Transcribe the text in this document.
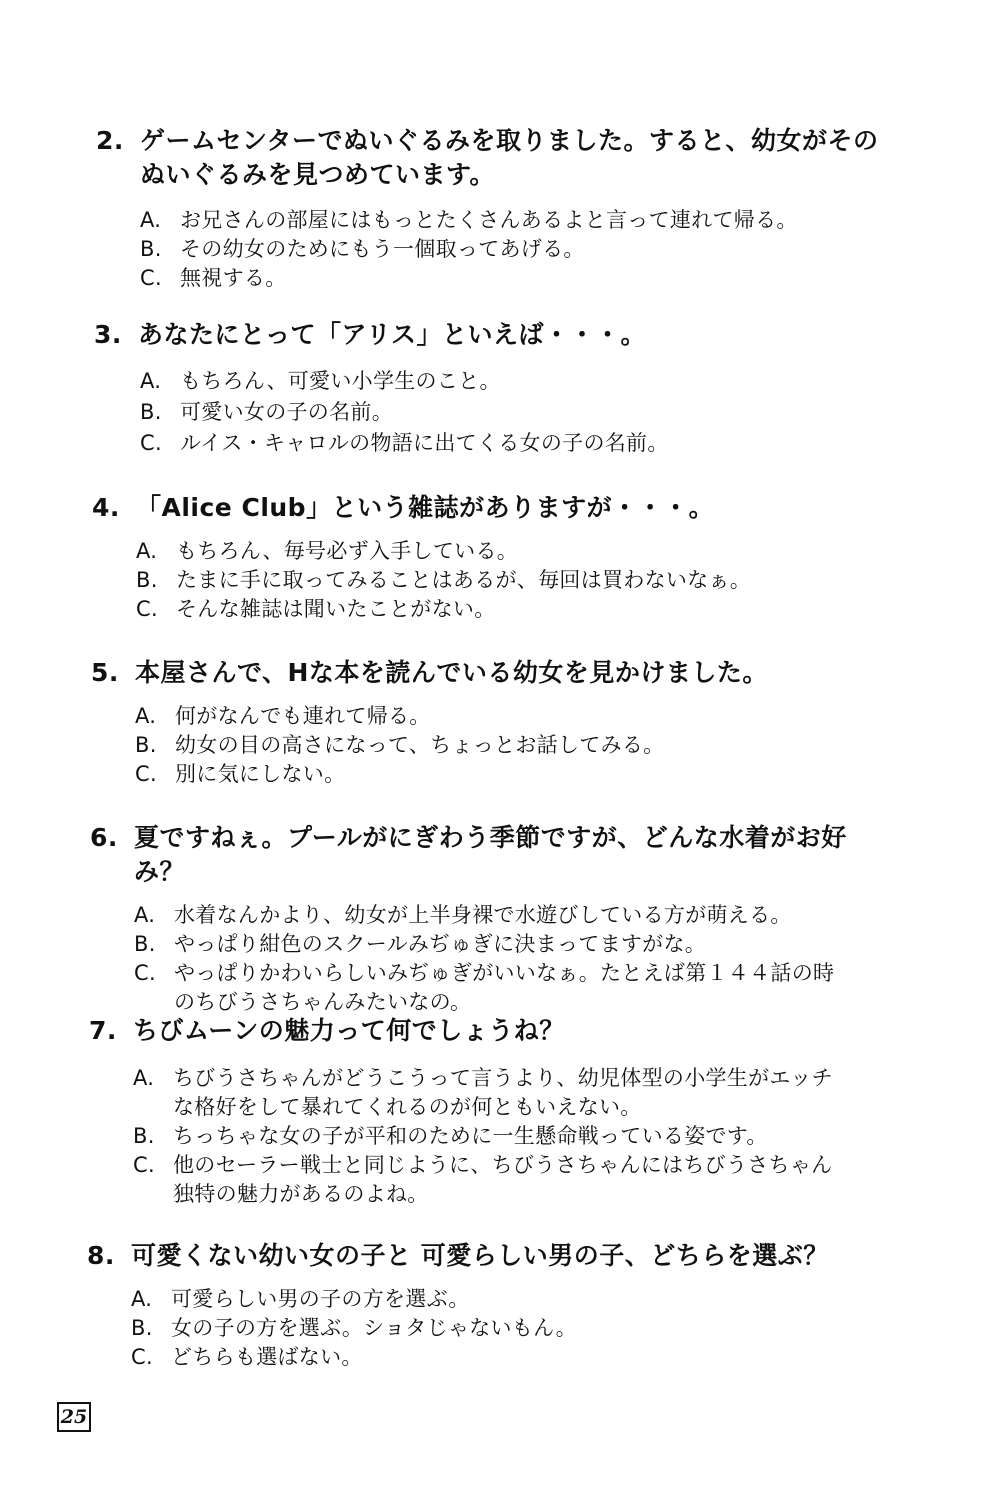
2. ゲームセンターでぬいぐるみを取りました。すると、幼女がその
ぬいぐるみを見つめています。
A. お兄さんの部屋にはもっとたくさんあるよと言って連れて帰る。
B. その幼女のためにもう一個取ってあげる。
C. 無視する。
3. あなたにとって「アリス」といえば・・・。
A. もちろん、可愛い小学生のこと。
B. 可愛い女の子の名前。
C. ルイス・キャロルの物語に出てくる女の子の名前。
4. 「Alice Club」という雑誌がありますが・・・。
A. もちろん、毎号必ず入手している。
B. たまに手に取ってみることはあるが、毎回は買わないなぁ。
C. そんな雑誌は聞いたことがない。
5. 本屋さんで、Hな本を読んでいる幼女を見かけました。
A. 何がなんでも連れて帰る。
B. 幼女の目の高さになって、ちょっとお話してみる。
C. 別に気にしない。
6. 夏ですねぇ。プールがにぎわう季節ですが、どんな水着がお好み？
A. 水着なんかより、幼女が上半身裸で水遊びしている方が萌える。
B. やっぱり紺色のスクールみぢゅぎに決まってますがな。
C. やっぱりかわいらしいみぢゅぎがいいなぁ。たとえば第１４４話の時
のちびうさちゃんみたいなの。
7. ちびムーンの魅力って何でしょうね？
A. ちびうさちゃんがどうこうって言うより、幼児体型の小学生がエッチ
な格好をして暴れてくれるのが何ともいえない。
B. ちっちゃな女の子が平和のために一生懸命戦っている姿です。
C. 他のセーラー戦士と同じように、ちびうさちゃんにはちびうさちゃん
独特の魅力があるのよね。
8. 可愛くない幼い女の子と 可愛らしい男の子、どちらを選ぶ？
A. 可愛らしい男の子の方を選ぶ。
B. 女の子の方を選ぶ。ショタじゃないもん。
C. どちらも選ばない。
25
